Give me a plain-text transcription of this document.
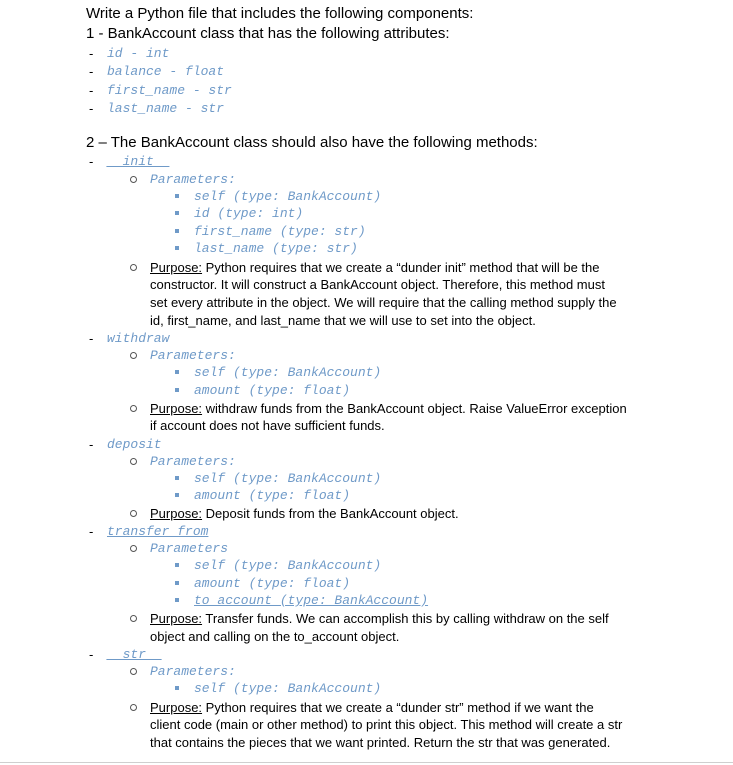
Write a Python file that includes the following components:
1 - BankAccount class that has the following attributes:
- id - int
- balance - float
- first_name - str
- last_name - str
2 – The BankAccount class should also have the following methods:
- __init__
Parameters:
self (type: BankAccount)
id (type: int)
first_name (type: str)
last_name (type: str)
Purpose: Python requires that we create a “dunder init” method that will be the
constructor. It will construct a BankAccount object. Therefore, this method must
set every attribute in the object. We will require that the calling method supply the
id, first_name, and last_name that we will use to set into the object.
- withdraw
Parameters:
self (type: BankAccount)
amount (type: float)
Purpose: withdraw funds from the BankAccount object. Raise ValueError exception
if account does not have sufficient funds.
- deposit
Parameters:
self (type: BankAccount)
amount (type: float)
Purpose: Deposit funds from the BankAccount object.
- transfer_from
Parameters
self (type: BankAccount)
amount (type: float)
to_account (type: BankAccount)
Purpose: Transfer funds. We can accomplish this by calling withdraw on the self
object and calling on the to_account object.
- __str__
Parameters:
self (type: BankAccount)
Purpose: Python requires that we create a “dunder str” method if we want the
client code (main or other method) to print this object. This method will create a str
that contains the pieces that we want printed. Return the str that was generated.
